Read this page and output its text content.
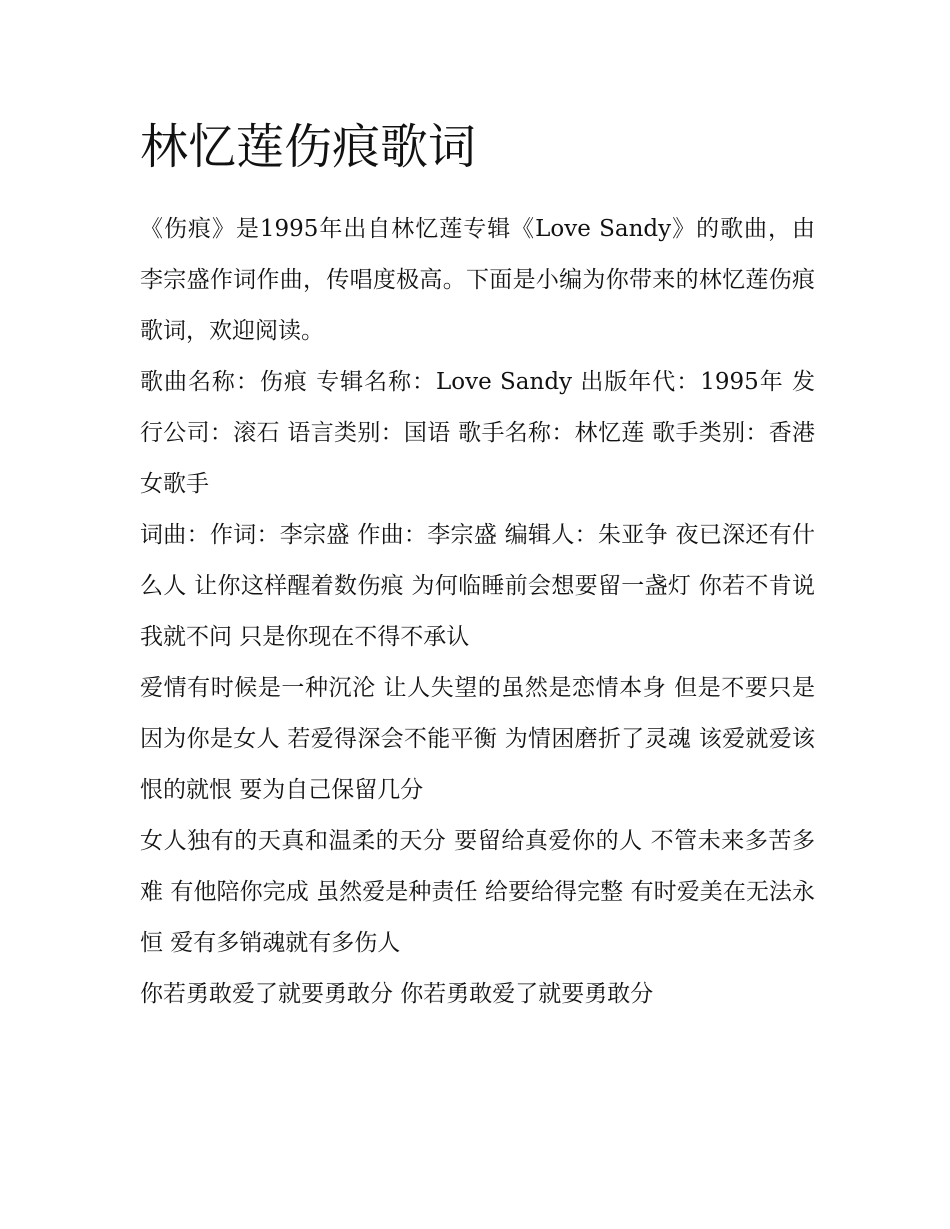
林忆莲伤痕歌词

《伤痕》是1995年出自林忆莲专辑《Love Sandy》的歌曲，由李宗盛作词作曲，传唱度极高。下面是小编为你带来的林忆莲伤痕歌词，欢迎阅读。

歌曲名称：伤痕 专辑名称：Love Sandy 出版年代：1995年 发行公司：滚石 语言类别：国语 歌手名称：林忆莲 歌手类别：香港女歌手

词曲：作词：李宗盛 作曲：李宗盛 编辑人：朱亚争 夜已深还有什么人 让你这样醒着数伤痕 为何临睡前会想要留一盏灯 你若不肯说我就不问 只是你现在不得不承认

爱情有时候是一种沉沦 让人失望的虽然是恋情本身 但是不要只是因为你是女人 若爱得深会不能平衡 为情困磨折了灵魂 该爱就爱该恨的就恨 要为自己保留几分

女人独有的天真和温柔的天分 要留给真爱你的人 不管未来多苦多难 有他陪你完成 虽然爱是种责任 给要给得完整 有时爱美在无法永恒 爱有多销魂就有多伤人

你若勇敢爱了就要勇敢分 你若勇敢爱了就要勇敢分
